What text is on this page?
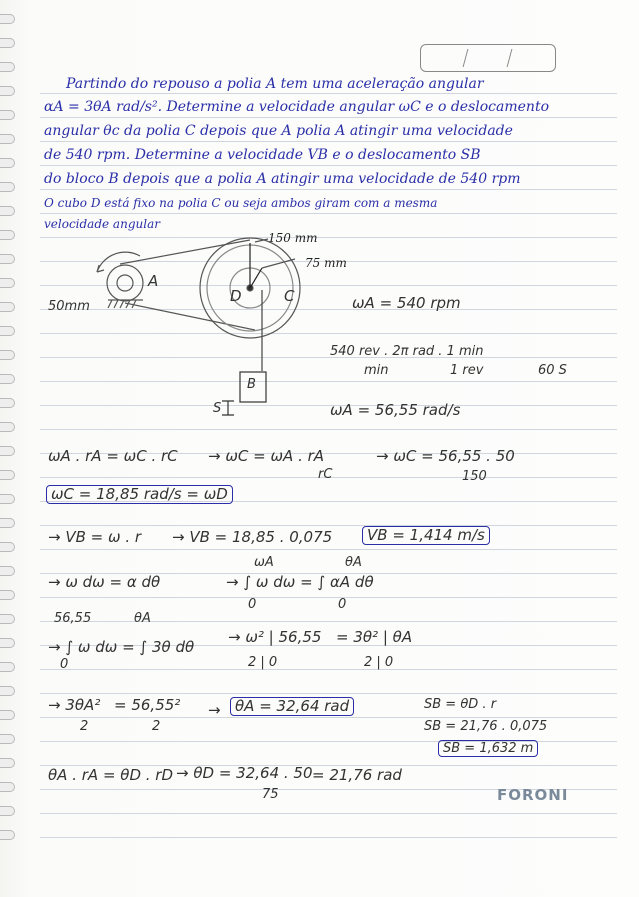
Partindo do repouso a polia A tem uma aceleração angular
αA = 3θA rad/s². Determine a velocidade angular ωC e o deslocamento
angular θc da polia C depois que A polia A atingir uma velocidade
de 540 rpm. Determine a velocidade VB e o deslocamento SB
do bloco B depois que a polia A atingir uma velocidade de 540 rpm
O cubo D está fixo na polia C ou seja ambos giram com a mesma
velocidade angular
150 mm
75 mm
A
D	C
50mm
B
S
ωA = 540 rpm
540 rev . 2π rad . 1 min
min	1 rev	60 S
ωA = 56,55 rad/s
ωA . rA = ωC . rC → ωC = ωA . rA
rC
→ ωC = 56,55 . 50
150
ωC = 18,85 rad/s = ωD
→ VB = ω . r → VB = 18,85 . 0,075	VB = 1,414 m/s
→ ω dω = α dθ	→ ∫ ω dω = ∫ αA dθ
ωA
0
θA
0
56,55	θA
→ ∫ ω dω = ∫ 3θ dθ
→ ω² | 56,55
2 | 0
= 3θ² | θA
2 | 0
0
→ 3θA²
2
= 56,55²
2
→ θA = 32,64 rad	SB = θD . r
SB = 21,76 . 0,075
SB = 1,632 m
θA . rA = θD . rD → θD = 32,64 . 50
75
= 21,76 rad
FORONI
